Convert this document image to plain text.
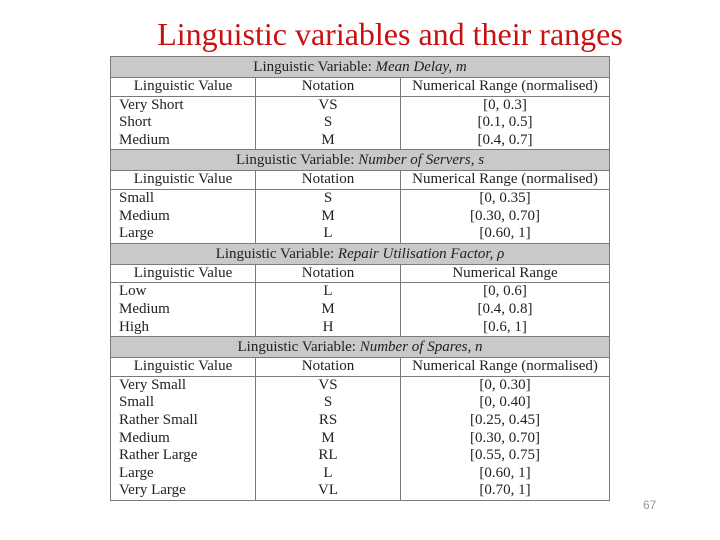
Linguistic variables and their ranges
Linguistic Variable: Mean Delay, m		
Linguistic Value	Notation	Numerical Range (normalised)
Very Short	VS	[0, 0.3]
Short	S	[0.1, 0.5]
Medium	M	[0.4, 0.7]
Linguistic Variable: Number of Servers, s		
Linguistic Value	Notation	Numerical Range (normalised)
Small	S	[0, 0.35]
Medium	M	[0.30, 0.70]
Large	L	[0.60, 1]
Linguistic Variable: Repair Utilisation Factor, ρ		
Linguistic Value	Notation	Numerical Range
Low	L	[0, 0.6]
Medium	M	[0.4, 0.8]
High	H	[0.6, 1]
Linguistic Variable: Number of Spares, n		
Linguistic Value	Notation	Numerical Range (normalised)
Very Small	VS	[0, 0.30]
Small	S	[0, 0.40]
Rather Small	RS	[0.25, 0.45]
Medium	M	[0.30, 0.70]
Rather Large	RL	[0.55, 0.75]
Large	L	[0.60, 1]
Very Large	VL	[0.70, 1]
67
